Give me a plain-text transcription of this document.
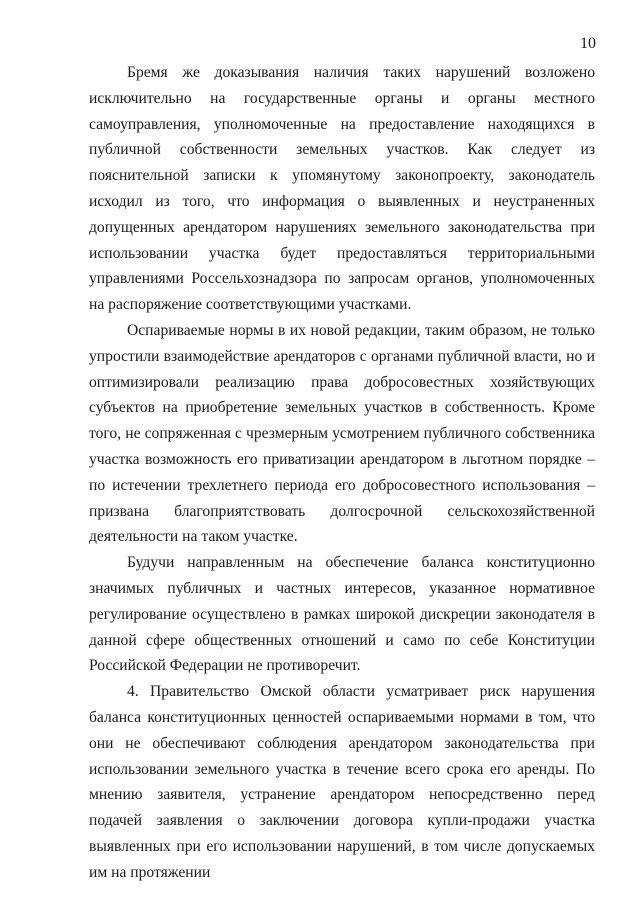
10

Бремя же доказывания наличия таких нарушений возложено исключительно на государственные органы и органы местного самоуправления, уполномоченные на предоставление находящихся в публичной собственности земельных участков. Как следует из пояснительной записки к упомянутому законопроекту, законодатель исходил из того, что информация о выявленных и неустраненных допущенных арендатором нарушениях земельного законодательства при использовании участка будет предоставляться территориальными управлениями Россельхознадзора по запросам органов, уполномоченных на распоряжение соответствующими участками.

Оспариваемые нормы в их новой редакции, таким образом, не только упростили взаимодействие арендаторов с органами публичной власти, но и оптимизировали реализацию права добросовестных хозяйствующих субъектов на приобретение земельных участков в собственность. Кроме того, не сопряженная с чрезмерным усмотрением публичного собственника участка возможность его приватизации арендатором в льготном порядке – по истечении трехлетнего периода его добросовестного использования – призвана благоприятствовать долгосрочной сельскохозяйственной деятельности на таком участке.

Будучи направленным на обеспечение баланса конституционно значимых публичных и частных интересов, указанное нормативное регулирование осуществлено в рамках широкой дискреции законодателя в данной сфере общественных отношений и само по себе Конституции Российской Федерации не противоречит.

4. Правительство Омской области усматривает риск нарушения баланса конституционных ценностей оспариваемыми нормами в том, что они не обеспечивают соблюдения арендатором законодательства при использовании земельного участка в течение всего срока его аренды. По мнению заявителя, устранение арендатором непосредственно перед подачей заявления о заключении договора купли-продажи участка выявленных при его использовании нарушений, в том числе допускаемых им на протяжении
